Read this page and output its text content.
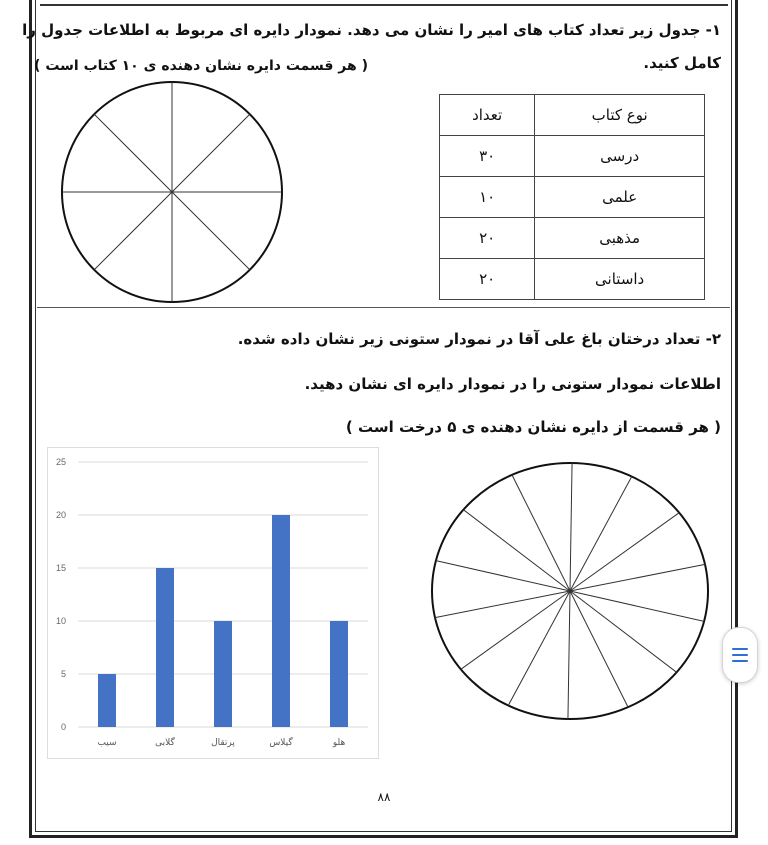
۱- جدول زیر تعداد کتاب های امیر را نشان می دهد. نمودار دایره ای مربوط به اطلاعات جدول را
کامل کنید.
( هر قسمت دایره نشان دهنده ی ۱۰ کتاب است )
نوع کتاب	تعداد
درسی	۳۰
علمی	۱۰
مذهبی	۲۰
داستانی	۲۰
۲- تعداد درختان باغ علی آقا در نمودار ستونی زیر نشان داده شده.
اطلاعات نمودار ستونی را در نمودار دایره ای نشان دهید.
( هر قسمت از دایره نشان دهنده ی ۵ درخت است )
0
5
10
15
20
25
سیب	گلابی	پرتقال	گیلاس	هلو
۸۸
